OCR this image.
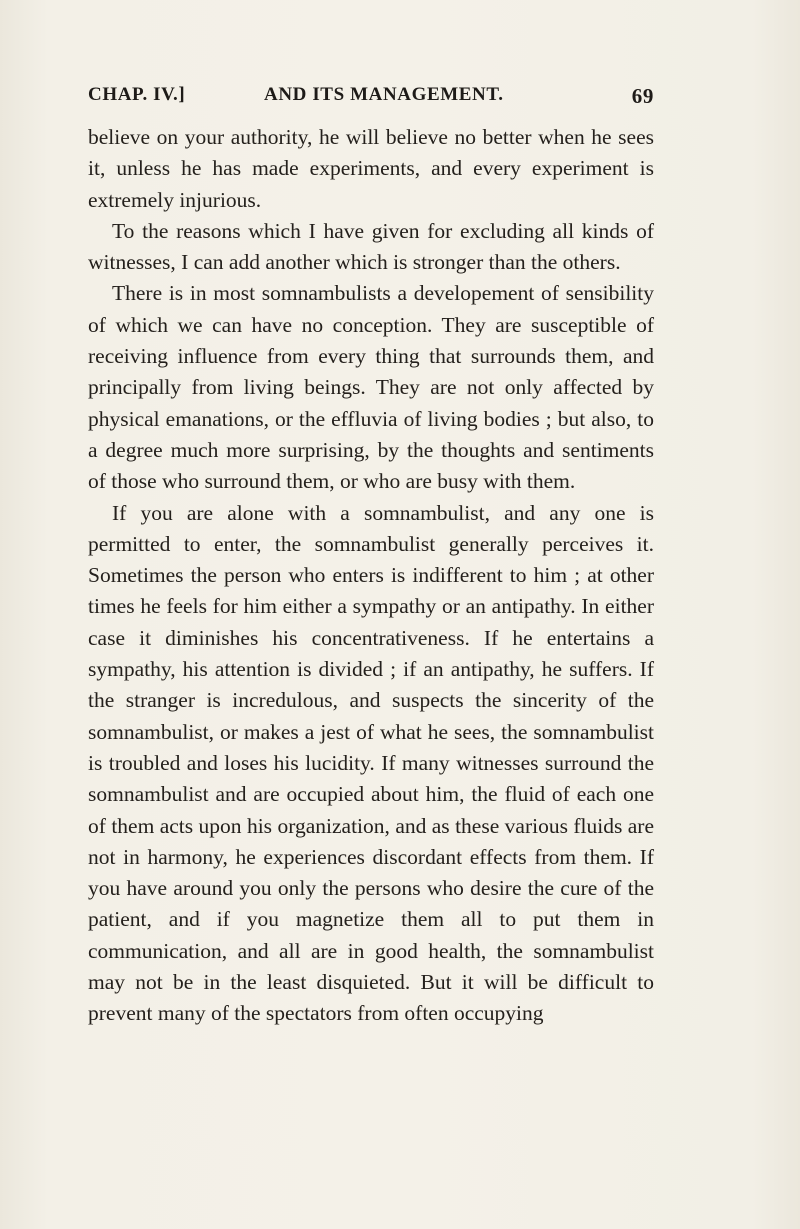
CHAP. IV.]	AND ITS MANAGEMENT.	69

believe on your authority, he will believe no better when he sees it, unless he has made experiments, and every experiment is extremely injurious.

To the reasons which I have given for excluding all kinds of witnesses, I can add another which is stronger than the others.

There is in most somnambulists a developement of sensibility of which we can have no conception. They are susceptible of receiving influence from every thing that surrounds them, and principally from living beings. They are not only affected by physical emanations, or the effluvia of living bodies ; but also, to a degree much more surprising, by the thoughts and sentiments of those who surround them, or who are busy with them.

If you are alone with a somnambulist, and any one is permitted to enter, the somnambulist generally perceives it. Sometimes the person who enters is indifferent to him ; at other times he feels for him either a sympathy or an antipathy. In either case it diminishes his concentrativeness. If he entertains a sympathy, his attention is divided ; if an antipathy, he suffers. If the stranger is incredulous, and suspects the sincerity of the somnambulist, or makes a jest of what he sees, the somnambulist is troubled and loses his lucidity. If many witnesses surround the somnambulist and are occupied about him, the fluid of each one of them acts upon his organization, and as these various fluids are not in harmony, he experiences discordant effects from them. If you have around you only the persons who desire the cure of the patient, and if you magnetize them all to put them in communication, and all are in good health, the somnambulist may not be in the least disquieted. But it will be difficult to prevent many of the spectators from often occupying
